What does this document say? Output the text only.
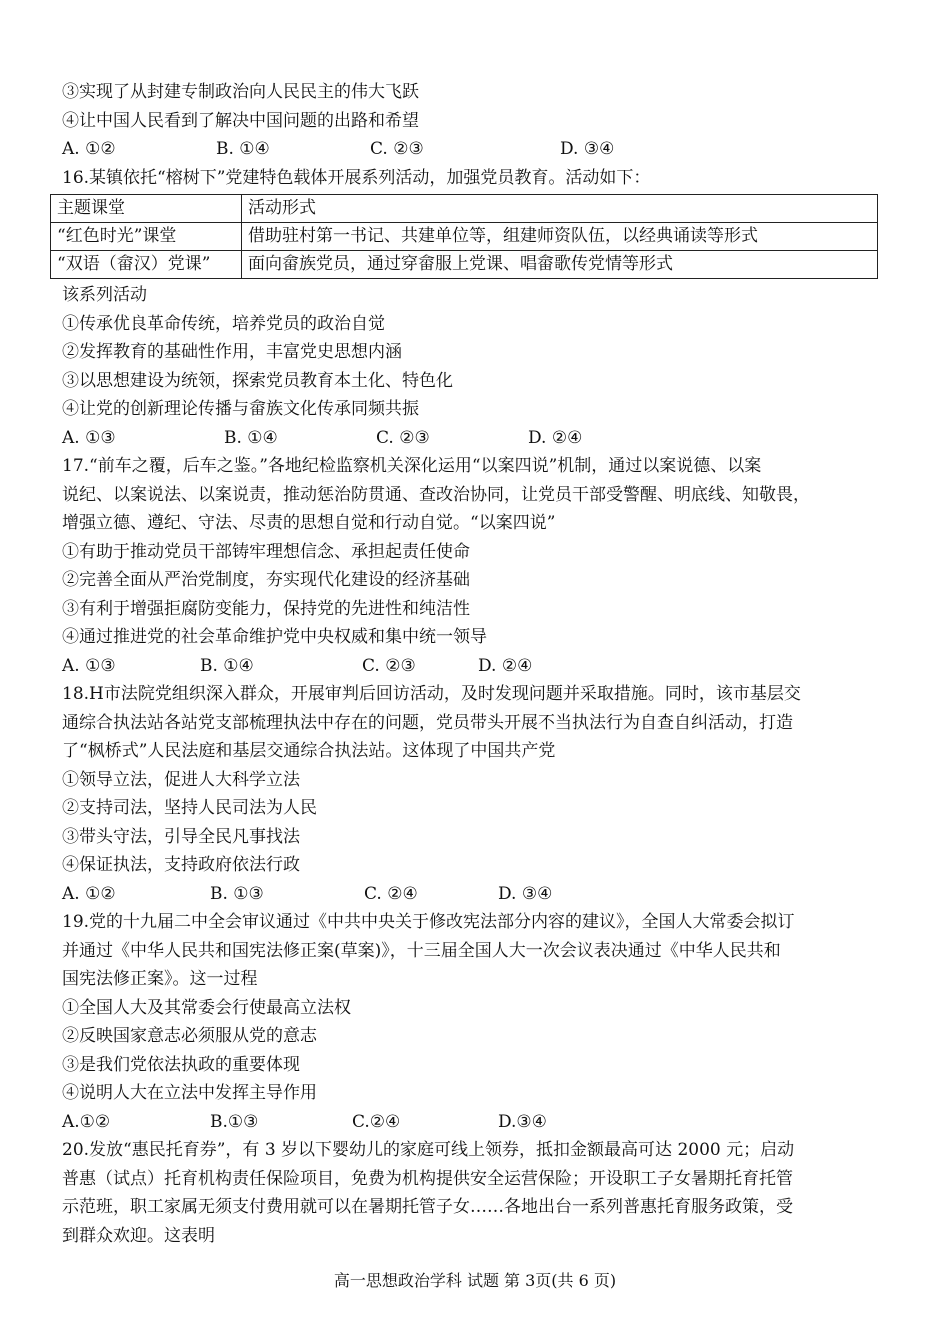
③实现了从封建专制政治向人民民主的伟大飞跃
④让中国人民看到了解决中国问题的出路和希望
A. ①②	B. ①④	C. ②③	D. ③④
16.某镇依托“榕树下”党建特色载体开展系列活动，加强党员教育。活动如下：
主题课堂	活动形式
“红色时光”课堂	借助驻村第一书记、共建单位等，组建师资队伍，以经典诵读等形式
“双语（畲汉）党课”	面向畲族党员，通过穿畲服上党课、唱畲歌传党情等形式
该系列活动
①传承优良革命传统，培养党员的政治自觉
②发挥教育的基础性作用，丰富党史思想内涵
③以思想建设为统领，探索党员教育本土化、特色化
④让党的创新理论传播与畲族文化传承同频共振
A. ①③	B. ①④	C. ②③	D. ②④
17.“前车之覆，后车之鉴。”各地纪检监察机关深化运用“以案四说”机制，通过以案说德、以案
说纪、以案说法、以案说责，推动惩治防贯通、查改治协同，让党员干部受警醒、明底线、知敬畏，
增强立德、遵纪、守法、尽责的思想自觉和行动自觉。“以案四说”
①有助于推动党员干部铸牢理想信念、承担起责任使命
②完善全面从严治党制度，夯实现代化建设的经济基础
③有利于增强拒腐防变能力，保持党的先进性和纯洁性
④通过推进党的社会革命维护党中央权威和集中统一领导
A. ①③	B. ①④	C. ②③	D. ②④
18.H市法院党组织深入群众，开展审判后回访活动，及时发现问题并采取措施。同时，该市基层交
通综合执法站各站党支部梳理执法中存在的问题，党员带头开展不当执法行为自查自纠活动，打造
了“枫桥式”人民法庭和基层交通综合执法站。这体现了中国共产党
①领导立法，促进人大科学立法
②支持司法，坚持人民司法为人民
③带头守法，引导全民凡事找法
④保证执法，支持政府依法行政
A. ①②	B. ①③	C. ②④	D. ③④
19.党的十九届二中全会审议通过《中共中央关于修改宪法部分内容的建议》，全国人大常委会拟订
并通过《中华人民共和国宪法修正案(草案)》，十三届全国人大一次会议表决通过《中华人民共和
国宪法修正案》。这一过程
①全国人大及其常委会行使最高立法权
②反映国家意志必须服从党的意志
③是我们党依法执政的重要体现
④说明人大在立法中发挥主导作用
A.①②	B.①③	C.②④	D.③④
20.发放“惠民托育券”，有 3 岁以下婴幼儿的家庭可线上领券，抵扣金额最高可达 2000 元；启动
普惠（试点）托育机构责任保险项目，免费为机构提供安全运营保险；开设职工子女暑期托育托管
示范班，职工家属无须支付费用就可以在暑期托管子女……各地出台一系列普惠托育服务政策，受
到群众欢迎。这表明
高一思想政治学科 试题 第 3页(共 6 页)
